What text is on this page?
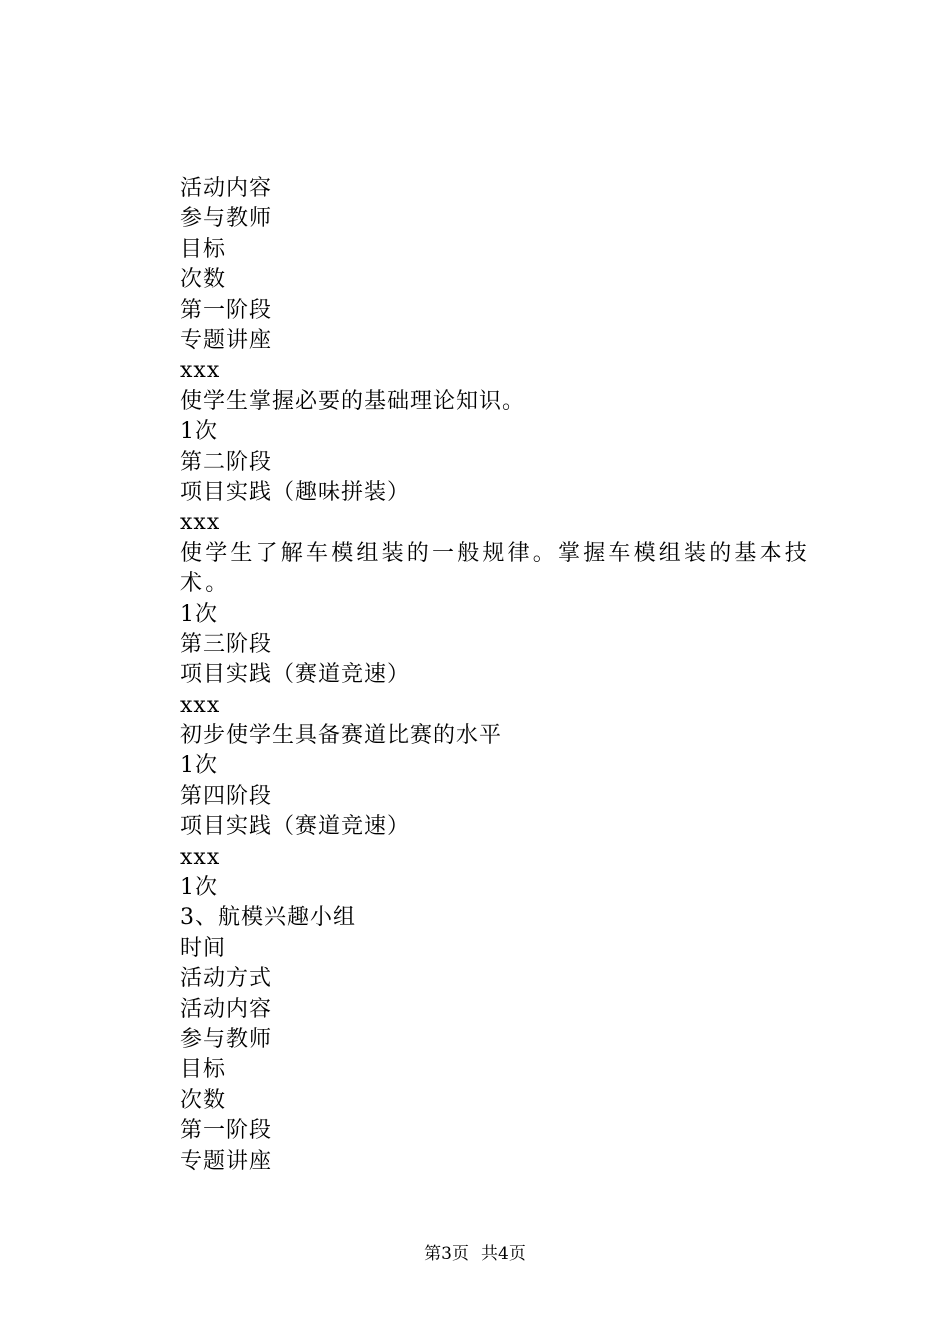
活动内容
参与教师
目标
次数
第一阶段
专题讲座
xxx
使学生掌握必要的基础理论知识。
1次
第二阶段
项目实践（趣味拼装）
xxx
使学生了解车模组装的一般规律。掌握车模组装的基本技术。
1次
第三阶段
项目实践（赛道竞速）
xxx
初步使学生具备赛道比赛的水平
1次
第四阶段
项目实践（赛道竞速）
xxx
1次
3、航模兴趣小组
时间
活动方式
活动内容
参与教师
目标
次数
第一阶段
专题讲座
第3页 共4页
